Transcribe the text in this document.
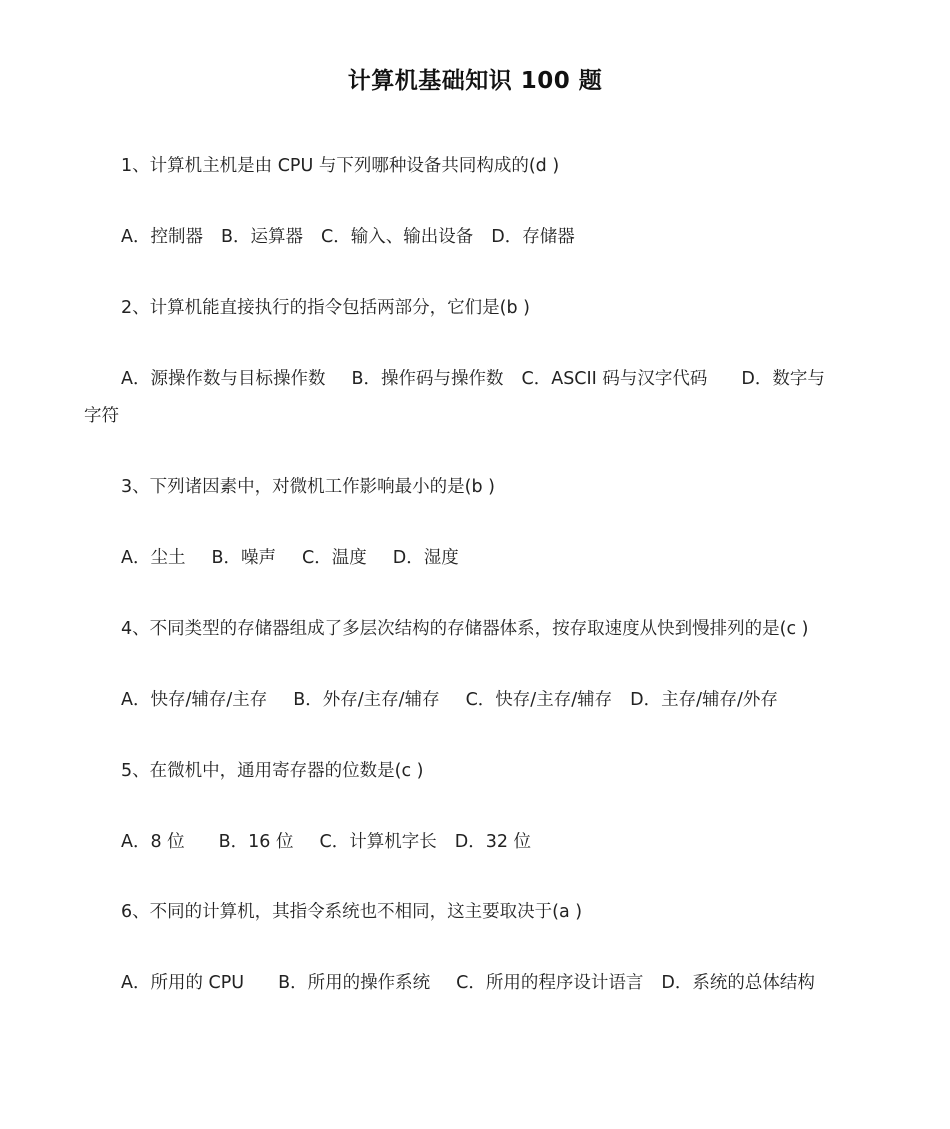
计算机基础知识 100 题
1、计算机主机是由 CPU 与下列哪种设备共同构成的(d )
A．控制器 B．运算器 C．输入、输出设备 D．存储器
2、计算机能直接执行的指令包括两部分，它们是(b )
A．源操作数与目标操作数 B．操作码与操作数 C．ASCII 码与汉字代码 D．数字与
字符
3、下列诸因素中，对微机工作影响最小的是(b )
A．尘土 B．噪声 C．温度 D．湿度
4、不同类型的存储器组成了多层次结构的存储器体系，按存取速度从快到慢排列的是(c )
A．快存/辅存/主存 B．外存/主存/辅存 C．快存/主存/辅存 D．主存/辅存/外存
5、在微机中，通用寄存器的位数是(c )
A．8 位 B．16 位 C．计算机字长 D．32 位
6、不同的计算机，其指令系统也不相同，这主要取决于(a )
A．所用的 CPU B．所用的操作系统 C．所用的程序设计语言 D．系统的总体结构
